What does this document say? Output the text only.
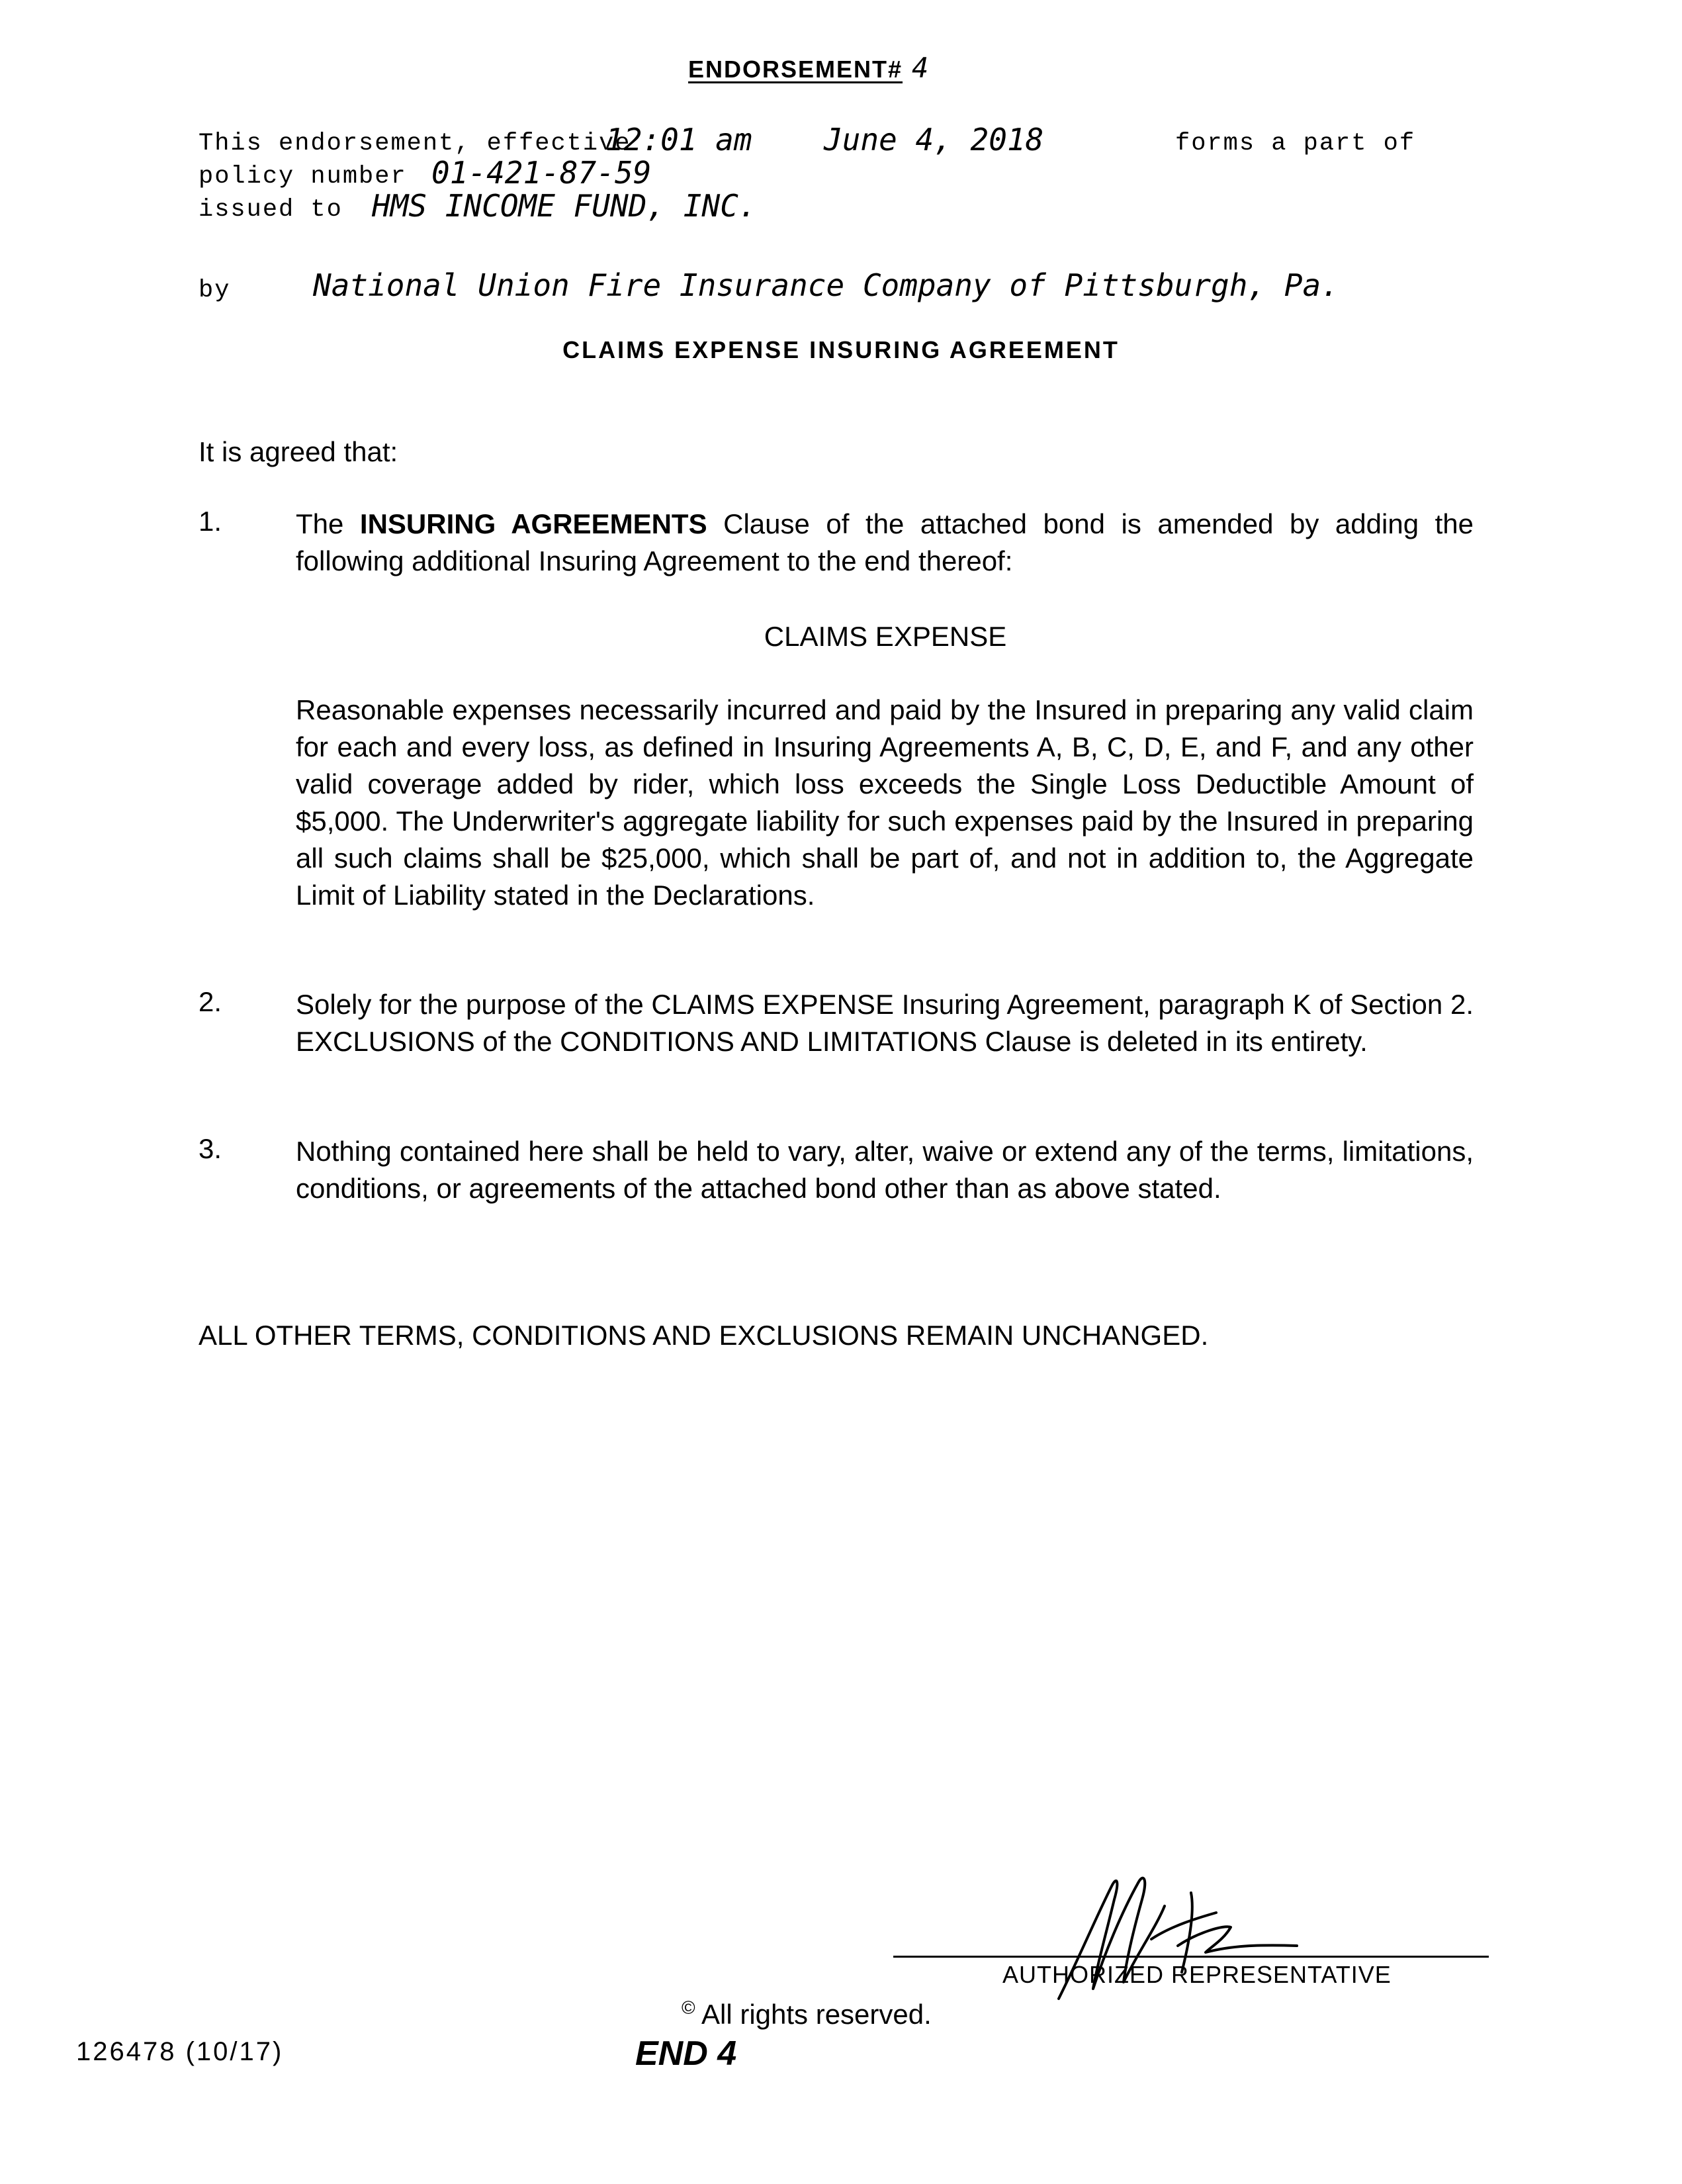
ENDORSEMENT# 4
This endorsement, effective
12:01 am June 4, 2018	forms a part of
policy number 01-421-87-59
issued to HMS INCOME FUND, INC.
by	National Union Fire Insurance Company of Pittsburgh, Pa.
CLAIMS EXPENSE INSURING AGREEMENT
It is agreed that:
1.	The INSURING AGREEMENTS Clause of the attached bond is amended by adding the following additional Insuring Agreement to the end thereof:
CLAIMS EXPENSE
Reasonable expenses necessarily incurred and paid by the Insured in preparing any valid claim for each and every loss, as defined in Insuring Agreements A, B, C, D, E, and F, and any other valid coverage added by rider, which loss exceeds the Single Loss Deductible Amount of $5,000. The Underwriter's aggregate liability for such expenses paid by the Insured in preparing all such claims shall be $25,000, which shall be part of, and not in addition to, the Aggregate Limit of Liability stated in the Declarations.
2.	Solely for the purpose of the CLAIMS EXPENSE Insuring Agreement, paragraph K of Section 2. EXCLUSIONS of the CONDITIONS AND LIMITATIONS Clause is deleted in its entirety.
3.	Nothing contained here shall be held to vary, alter, waive or extend any of the terms, limitations, conditions, or agreements of the attached bond other than as above stated.
ALL OTHER TERMS, CONDITIONS AND EXCLUSIONS REMAIN UNCHANGED.
AUTHORIZED REPRESENTATIVE
© All rights reserved.
126478 (10/17)	END 4
